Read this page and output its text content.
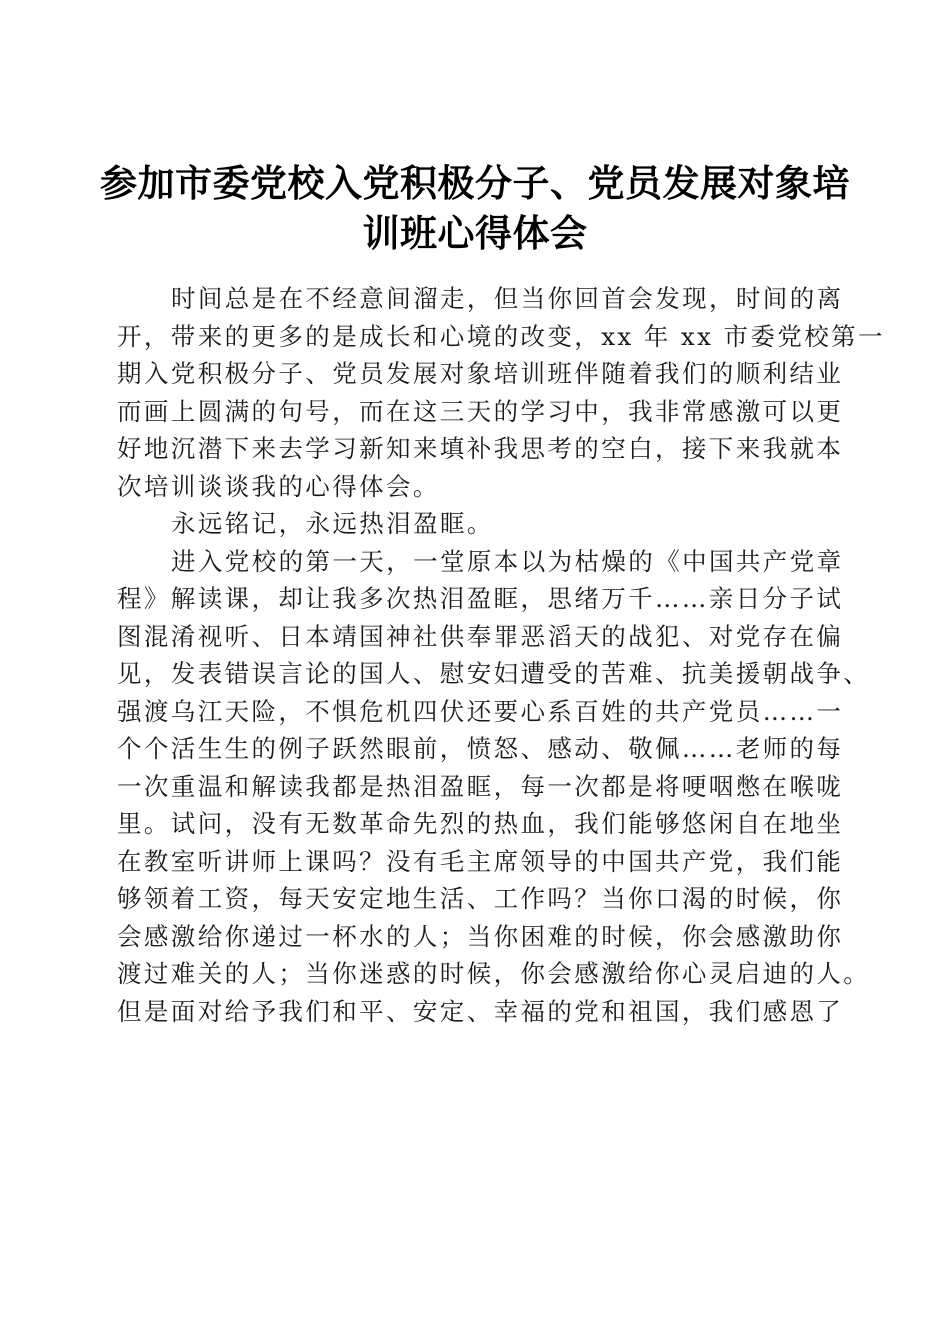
参加市委党校入党积极分子、党员发展对象培
训班心得体会
时间总是在不经意间溜走，但当你回首会发现，时间的离
开，带来的更多的是成长和心境的改变，xx 年 xx 市委党校第一
期入党积极分子、党员发展对象培训班伴随着我们的顺利结业
而画上圆满的句号，而在这三天的学习中，我非常感激可以更
好地沉潜下来去学习新知来填补我思考的空白，接下来我就本
次培训谈谈我的心得体会。
永远铭记，永远热泪盈眶。
进入党校的第一天，一堂原本以为枯燥的《中国共产党章
程》解读课，却让我多次热泪盈眶，思绪万千……亲日分子试
图混淆视听、日本靖国神社供奉罪恶滔天的战犯、对党存在偏
见，发表错误言论的国人、慰安妇遭受的苦难、抗美援朝战争、
强渡乌江天险，不惧危机四伏还要心系百姓的共产党员……一
个个活生生的例子跃然眼前，愤怒、感动、敬佩……老师的每
一次重温和解读我都是热泪盈眶，每一次都是将哽咽憋在喉咙
里。试问，没有无数革命先烈的热血，我们能够悠闲自在地坐
在教室听讲师上课吗？没有毛主席领导的中国共产党，我们能
够领着工资，每天安定地生活、工作吗？当你口渴的时候，你
会感激给你递过一杯水的人；当你困难的时候，你会感激助你
渡过难关的人；当你迷惑的时候，你会感激给你心灵启迪的人。
但是面对给予我们和平、安定、幸福的党和祖国，我们感恩了
